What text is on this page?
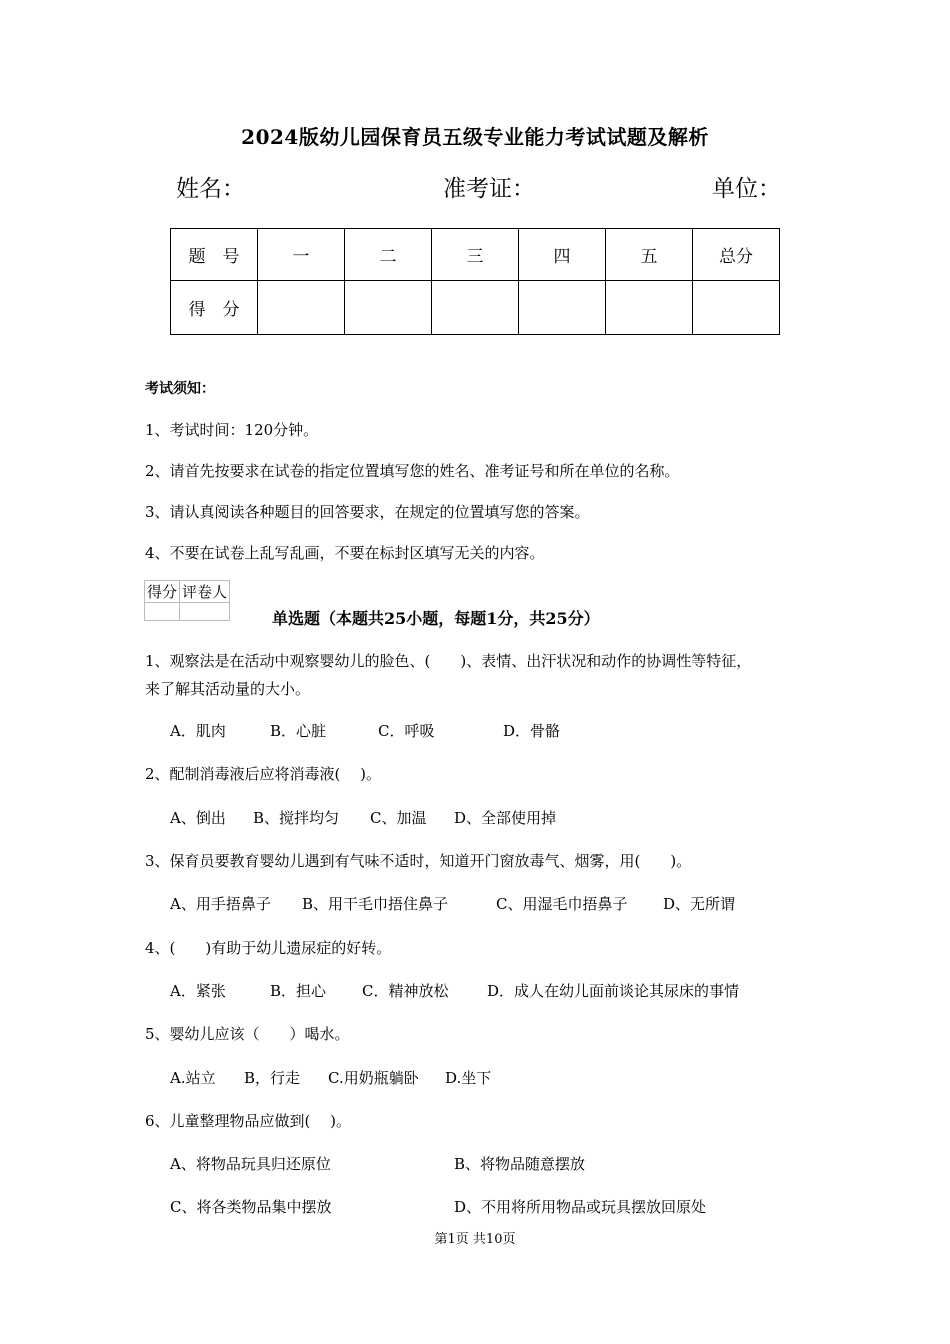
2024版幼儿园保育员五级专业能力考试试题及解析
姓名：	准考证：	单位：
题　号	一	二	三	四	五	总分
得　分						
考试须知：
1、考试时间：120分钟。
2、请首先按要求在试卷的指定位置填写您的姓名、准考证号和所在单位的名称。
3、请认真阅读各种题目的回答要求，在规定的位置填写您的答案。
4、不要在试卷上乱写乱画，不要在标封区填写无关的内容。
得分	评卷人

单选题（本题共25小题，每题1分，共25分）
1、观察法是在活动中观察婴幼儿的脸色、(　　)、表情、出汗状况和动作的协调性等特征，
来了解其活动量的大小。
A．肌肉	B．心脏	C．呼吸	D．骨骼
2、配制消毒液后应将消毒液(　 )。
A、倒出 B、搅拌均匀 C、加温 D、全部使用掉
3、保育员要教育婴幼儿遇到有气味不适时，知道开门窗放毒气、烟雾，用(　　)。
A、用手捂鼻子 B、用干毛巾捂住鼻子	C、用湿毛巾捂鼻子 D、无所谓
4、(　　)有助于幼儿遗尿症的好转。
A．紧张	B．担心 C．精神放松	D．成人在幼儿面前谈论其尿床的事情
5、婴幼儿应该（　　）喝水。
A.站立 B，行走 C.用奶瓶躺卧 D.坐下
6、儿童整理物品应做到(　 )。
A、将物品玩具归还原位	B、将物品随意摆放
C、将各类物品集中摆放	D、不用将所用物品或玩具摆放回原处
第1页 共10页
